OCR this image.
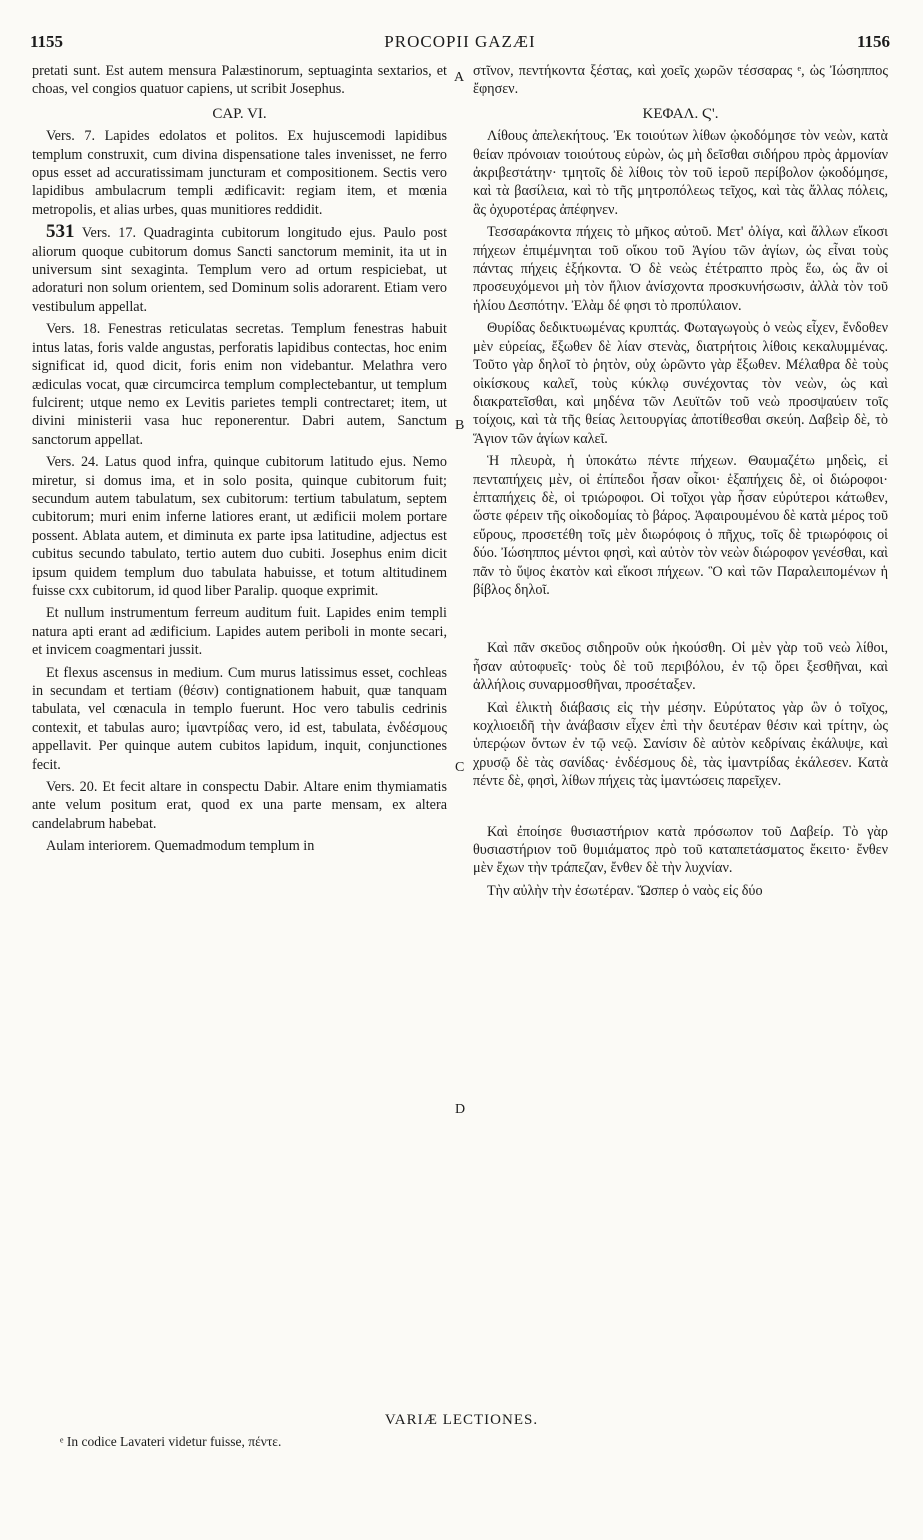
1155	PROCOPII GAZÆI	1156

pretati sunt. Est autem mensura Palæstinorum, septuaginta sextarios, et choas, vel congios quatuor capiens, ut scribit Josephus.

CAP. VI.

Vers. 7. Lapides edolatos et politos. Ex hujuscemodi lapidibus templum construxit, cum divina dispensatione tales invenisset, ne ferro opus esset ad accuratissimam juncturam et compositionem. Sectis vero lapidibus ambulacrum templi ædificavit: regiam item, et mœnia metropolis, et alias urbes, quas munitiores reddidit.

531 Vers. 17. Quadraginta cubitorum longitudo ejus. Paulo post aliorum quoque cubitorum domus Sancti sanctorum meminit, ita ut in universum sint sexaginta. Templum vero ad ortum respiciebat, ut adoraturi non solum orientem, sed Dominum solis adorarent. Etiam vero vestibulum appellat.

Vers. 18. Fenestras reticulatas secretas. Templum fenestras habuit intus latas, foris valde angustas, perforatis lapidibus contectas, hoc enim significat id, quod dicit, foris enim non videbantur. Melathra vero ædiculas vocat, quæ circumcirca templum complectebantur, ut templum fulcirent; utque nemo ex Levitis parietes templi contrectaret; item, ut divini ministerii vasa huc reponerentur. Dabri autem, Sanctum sanctorum appellat.

Vers. 24. Latus quod infra, quinque cubitorum latitudo ejus. Nemo miretur, si domus ima, et in solo posita, quinque cubitorum fuit; secundum autem tabulatum, sex cubitorum: tertium tabulatum, septem cubitorum; muri enim inferne latiores erant, ut ædificii molem portare possent. Ablata autem, et diminuta ex parte ipsa latitudine, adjectus est cubitus secundo tabulato, tertio autem duo cubiti. Josephus enim dicit ipsum quidem templum duo tabulata habuisse, et totum altitudinem fuisse cxx cubitorum, id quod liber Paralip. quoque exprimit.

Et nullum instrumentum ferreum auditum fuit. Lapides enim templi natura apti erant ad ædificium. Lapides autem periboli in monte secari, et invicem coagmentari jussit.

Et flexus ascensus in medium. Cum murus latissimus esset, cochleas in secundam et tertiam (θέσιν) contignationem habuit, quæ tanquam tabulata, vel cœnacula in templo fuerunt. Hoc vero tabulis cedrinis contexit, et tabulas auro; ἱμαντρίδας vero, id est, tabulata, ἐνδέσμους appellavit. Per quinque autem cubitos lapidum, inquit, conjunctiones fecit.

Vers. 20. Et fecit altare in conspectu Dabir. Altare enim thymiamatis ante velum positum erat, quod ex una parte mensam, ex altera candelabrum habebat.

Aulam interiorem. Quemadmodum templum in

στῖνον, πεντήκοντα ξέστας, καὶ χοεῖς χωρῶν τέσσαρας ᵉ, ὡς Ἰώσηππος ἔφησεν.

ΚΕΦΑΛ. Ϛ'.

Λίθους ἀπελεκήτους. Ἐκ τοιούτων λίθων ᾠκοδόμησε τὸν νεὼν, κατὰ θείαν πρόνοιαν τοιούτους εὑρὼν, ὡς μὴ δεῖσθαι σιδήρου πρὸς ἁρμονίαν ἀκριβεστάτην· τμητοῖς δὲ λίθοις τὸν τοῦ ἱεροῦ περίβολον ᾠκοδόμησε, καὶ τὰ βασίλεια, καὶ τὸ τῆς μητροπόλεως τεῖχος, καὶ τὰς ἄλλας πόλεις, ἃς ὀχυροτέρας ἀπέφηνεν.

Τεσσαράκοντα πήχεις τὸ μῆκος αὐτοῦ. Μετ' ὀλίγα, καὶ ἄλλων εἴκοσι πήχεων ἐπιμέμνηται τοῦ οἴκου τοῦ Ἁγίου τῶν ἁγίων, ὡς εἶναι τοὺς πάντας πήχεις ἑξήκοντα. Ὁ δὲ νεὼς ἐτέτραπτο πρὸς ἕω, ὡς ἂν οἱ προσευχόμενοι μὴ τὸν ἥλιον ἀνίσχοντα προσκυνήσωσιν, ἀλλὰ τὸν τοῦ ἡλίου Δεσπότην. Ἐλὰμ δέ φησι τὸ προπύλαιον.

Θυρίδας δεδικτυωμένας κρυπτάς. Φωταγωγοὺς ὁ νεὼς εἶχεν, ἔνδοθεν μὲν εὐρείας, ἔξωθεν δὲ λίαν στενὰς, διατρήτοις λίθοις κεκαλυμμένας. Τοῦτο γὰρ δηλοῖ τὸ ῥητὸν, οὐχ ὡρῶντο γὰρ ἔξωθεν. Μέλαθρα δὲ τοὺς οἰκίσκους καλεῖ, τοὺς κύκλῳ συνέχοντας τὸν νεὼν, ὡς καὶ διακρατεῖσθαι, καὶ μηδένα τῶν Λευϊτῶν τοῦ νεὼ προσψαύειν τοῖς τοίχοις, καὶ τὰ τῆς θείας λειτουργίας ἀποτίθεσθαι σκεύη. Δαβεὶρ δὲ, τὸ Ἅγιον τῶν ἁγίων καλεῖ.

Ἡ πλευρὰ, ἡ ὑποκάτω πέντε πήχεων. Θαυμαζέτω μηδεὶς, εἰ πενταπήχεις μὲν, οἱ ἐπίπεδοι ἦσαν οἶκοι· ἑξαπήχεις δὲ, οἱ διώροφοι· ἑπταπήχεις δὲ, οἱ τριώροφοι. Οἱ τοῖχοι γὰρ ἦσαν εὐρύτεροι κάτωθεν, ὥστε φέρειν τῆς οἰκοδομίας τὸ βάρος. Ἀφαιρουμένου δὲ κατὰ μέρος τοῦ εὔρους, προσετέθη τοῖς μὲν διωρόφοις ὁ πῆχυς, τοῖς δὲ τριωρόφοις οἱ δύο. Ἰώσηππος μέντοι φησὶ, καὶ αὐτὸν τὸν νεὼν διώροφον γενέσθαι, καὶ πᾶν τὸ ὕψος ἑκατὸν καὶ εἴκοσι πήχεων. Ὃ καὶ τῶν Παραλειπομένων ἡ βίβλος δηλοῖ.

Καὶ πᾶν σκεῦος σιδηροῦν οὐκ ἠκούσθη. Οἱ μὲν γὰρ τοῦ νεὼ λίθοι, ἦσαν αὐτοφυεῖς· τοὺς δὲ τοῦ περιβόλου, ἐν τῷ ὄρει ξεσθῆναι, καὶ ἀλλήλοις συναρμοσθῆναι, προσέταξεν.

Καὶ ἑλικτὴ διάβασις εἰς τὴν μέσην. Εὐρύτατος γὰρ ὢν ὁ τοῖχος, κοχλιοειδῆ τὴν ἀνάβασιν εἶχεν ἐπὶ τὴν δευτέραν θέσιν καὶ τρίτην, ὡς ὑπερῴων ὄντων ἐν τῷ νεῷ. Σανίσιν δὲ αὐτὸν κεδρίναις ἐκάλυψε, καὶ χρυσῷ δὲ τὰς σανίδας· ἐνδέσμους δὲ, τὰς ἱμαντρίδας ἐκάλεσεν. Κατὰ πέντε δὲ, φησὶ, λίθων πήχεις τὰς ἱμαντώσεις παρεῖχεν.

Καὶ ἐποίησε θυσιαστήριον κατὰ πρόσωπον τοῦ Δαβείρ. Τὸ γὰρ θυσιαστήριον τοῦ θυμιάματος πρὸ τοῦ καταπετάσματος ἔκειτο· ἔνθεν μὲν ἔχων τὴν τράπεζαν, ἔνθεν δὲ τὴν λυχνίαν.

Τὴν αὐλὴν τὴν ἐσωτέραν. Ὥσπερ ὁ ναὸς εἰς δύο

A
B
C
D
VARIÆ LECTIONES.
ᵉ In codice Lavateri videtur fuisse, πέντε.
